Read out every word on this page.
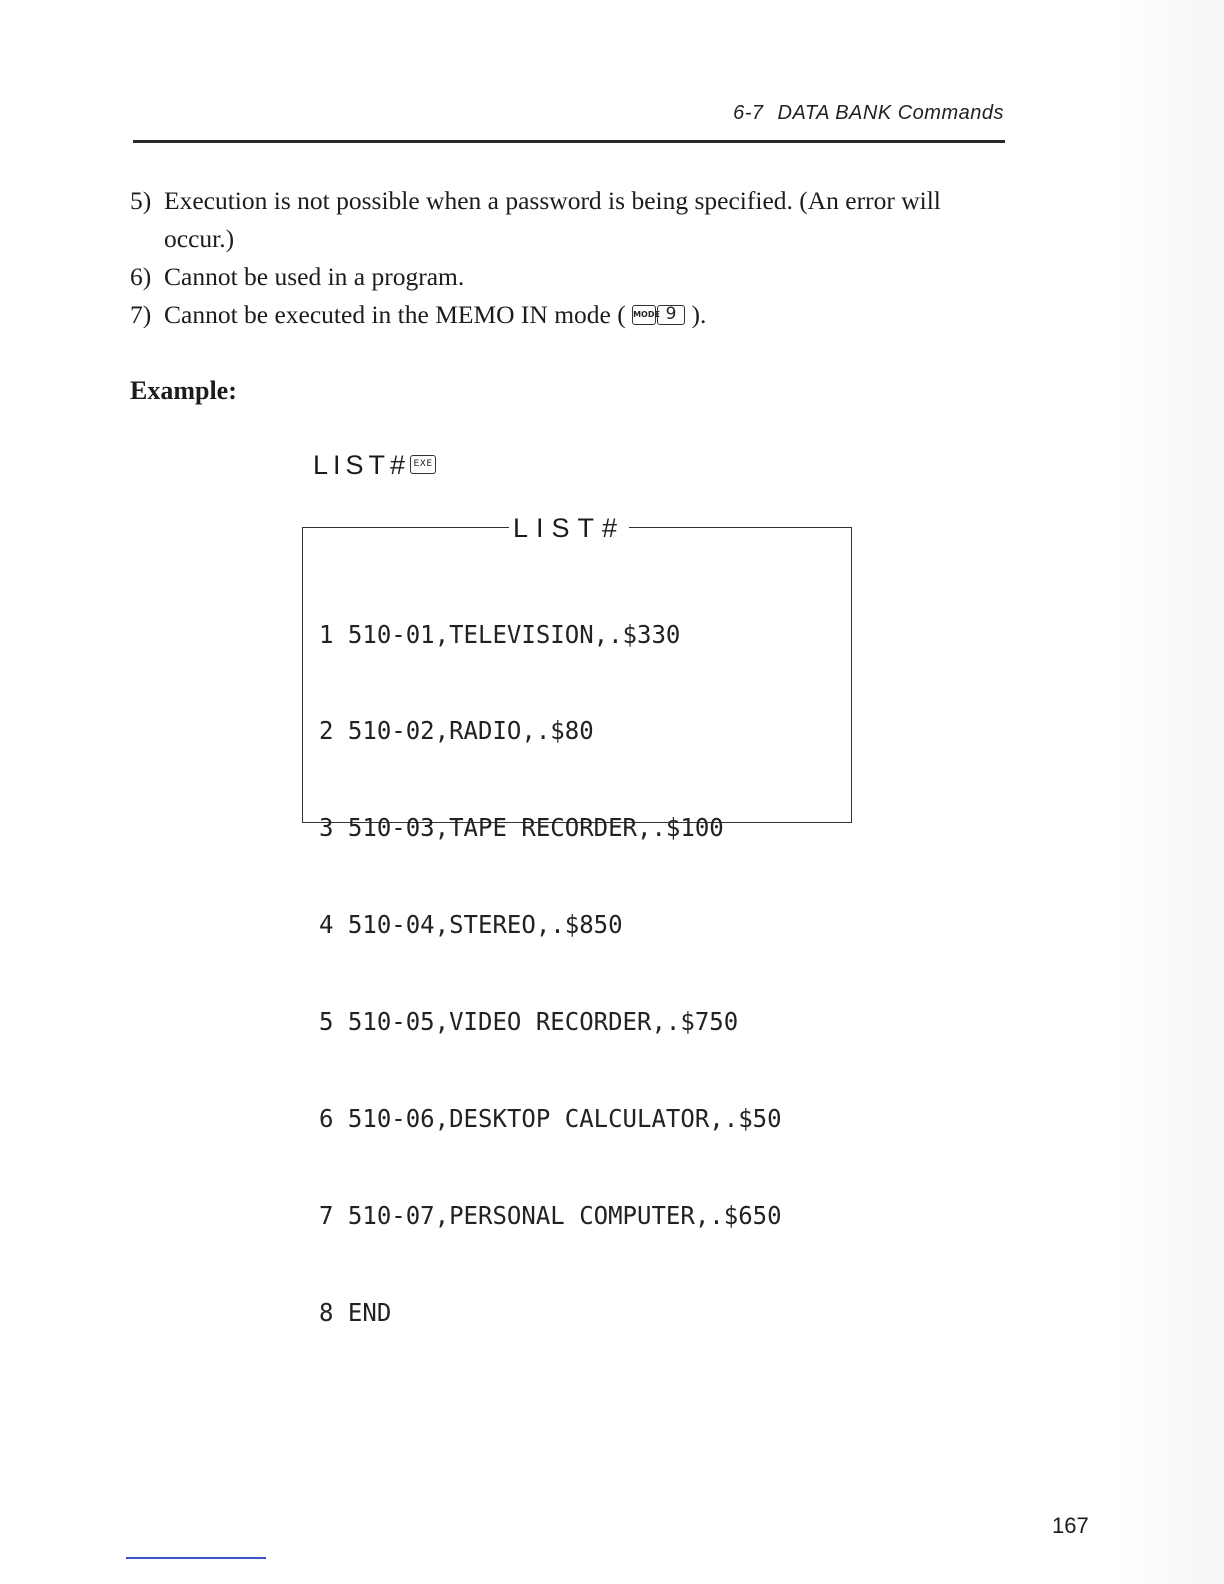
6-7 DATA BANK Commands
5) Execution is not possible when a password is being specified. (An error will occur.)
6) Cannot be used in a program.
7) Cannot be executed in the MEMO IN mode ( MODE 9 ).
Example:
LIST# EXE
LIST#

1 510-01,TELEVISION,.$330

2 510-02,RADIO,.$80

3 510-03,TAPE RECORDER,.$100

4 510-04,STEREO,.$850

5 510-05,VIDEO RECORDER,.$750

6 510-06,DESKTOP CALCULATOR,.$50

7 510-07,PERSONAL COMPUTER,.$650

8 END

167
